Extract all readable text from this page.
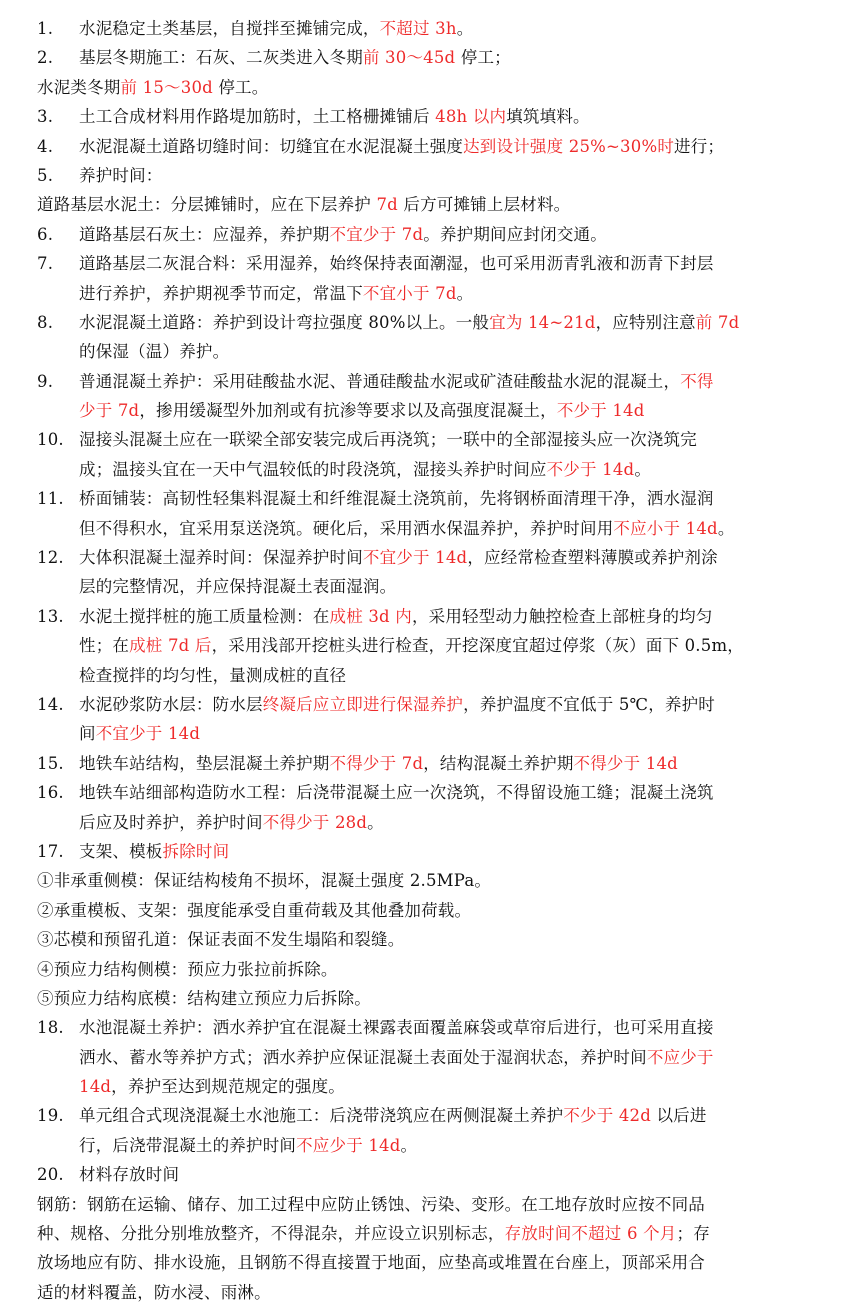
1.	水泥稳定土类基层，自搅拌至摊铺完成，不超过 3h。
2.	基层冬期施工：石灰、二灰类进入冬期前 30～45d 停工；
水泥类冬期前 15～30d 停工。
3.	土工合成材料用作路堤加筋时，土工格栅摊铺后 48h 以内填筑填料。
4.	水泥混凝土道路切缝时间：切缝宜在水泥混凝土强度达到设计强度 25%~30%时进行；
5.	养护时间：
道路基层水泥土：分层摊铺时，应在下层养护 7d 后方可摊铺上层材料。
6.	道路基层石灰土：应湿养，养护期不宜少于 7d。养护期间应封闭交通。
7.	道路基层二灰混合料：采用湿养，始终保持表面潮湿，也可采用沥青乳液和沥青下封层
进行养护，养护期视季节而定，常温下不宜小于 7d。
8.	水泥混凝土道路：养护到设计弯拉强度 80%以上。一般宜为 14~21d，应特别注意前 7d
的保湿（温）养护。
9.	普通混凝土养护：采用硅酸盐水泥、普通硅酸盐水泥或矿渣硅酸盐水泥的混凝土，不得
少于 7d，掺用缓凝型外加剂或有抗渗等要求以及高强度混凝土，不少于 14d
10. 湿接头混凝土应在一联梁全部安装完成后再浇筑；一联中的全部湿接头应一次浇筑完
成；温接头宜在一天中气温较低的时段浇筑，湿接头养护时间应不少于 14d。
11. 桥面铺装：高韧性轻集料混凝土和纤维混凝土浇筑前，先将钢桥面清理干净，洒水湿润
但不得积水，宜采用泵送浇筑。硬化后，采用洒水保温养护，养护时间用不应小于 14d。
12. 大体积混凝土湿养时间：保湿养护时间不宜少于 14d，应经常检查塑料薄膜或养护剂涂
层的完整情况，并应保持混凝土表面湿润。
13. 水泥土搅拌桩的施工质量检测：在成桩 3d 内，采用轻型动力触控检查上部桩身的均匀
性；在成桩 7d 后，采用浅部开挖桩头进行检查，开挖深度宜超过停浆（灰）面下 0.5m，
检查搅拌的均匀性，量测成桩的直径
14. 水泥砂浆防水层：防水层终凝后应立即进行保湿养护，养护温度不宜低于 5℃，养护时
间不宜少于 14d
15. 地铁车站结构，垫层混凝土养护期不得少于 7d，结构混凝土养护期不得少于 14d
16. 地铁车站细部构造防水工程：后浇带混凝土应一次浇筑，不得留设施工缝；混凝土浇筑
后应及时养护，养护时间不得少于 28d。
17. 支架、模板拆除时间
①非承重侧模：保证结构棱角不损坏，混凝土强度 2.5MPa。
②承重模板、支架：强度能承受自重荷载及其他叠加荷载。
③芯模和预留孔道：保证表面不发生塌陷和裂缝。
④预应力结构侧模：预应力张拉前拆除。
⑤预应力结构底模：结构建立预应力后拆除。
18. 水池混凝土养护：洒水养护宜在混凝土裸露表面覆盖麻袋或草帘后进行，也可采用直接
洒水、蓄水等养护方式；洒水养护应保证混凝土表面处于湿润状态，养护时间不应少于
14d，养护至达到规范规定的强度。
19. 单元组合式现浇混凝土水池施工：后浇带浇筑应在两侧混凝土养护不少于 42d 以后进
行，后浇带混凝土的养护时间不应少于 14d。
20. 材料存放时间
钢筋：钢筋在运输、储存、加工过程中应防止锈蚀、污染、变形。在工地存放时应按不同品
种、规格、分批分别堆放整齐，不得混杂，并应设立识别标志，存放时间不超过 6 个月；存
放场地应有防、排水设施，且钢筋不得直接置于地面，应垫高或堆置在台座上，顶部采用合
适的材料覆盖，防水浸、雨淋。
